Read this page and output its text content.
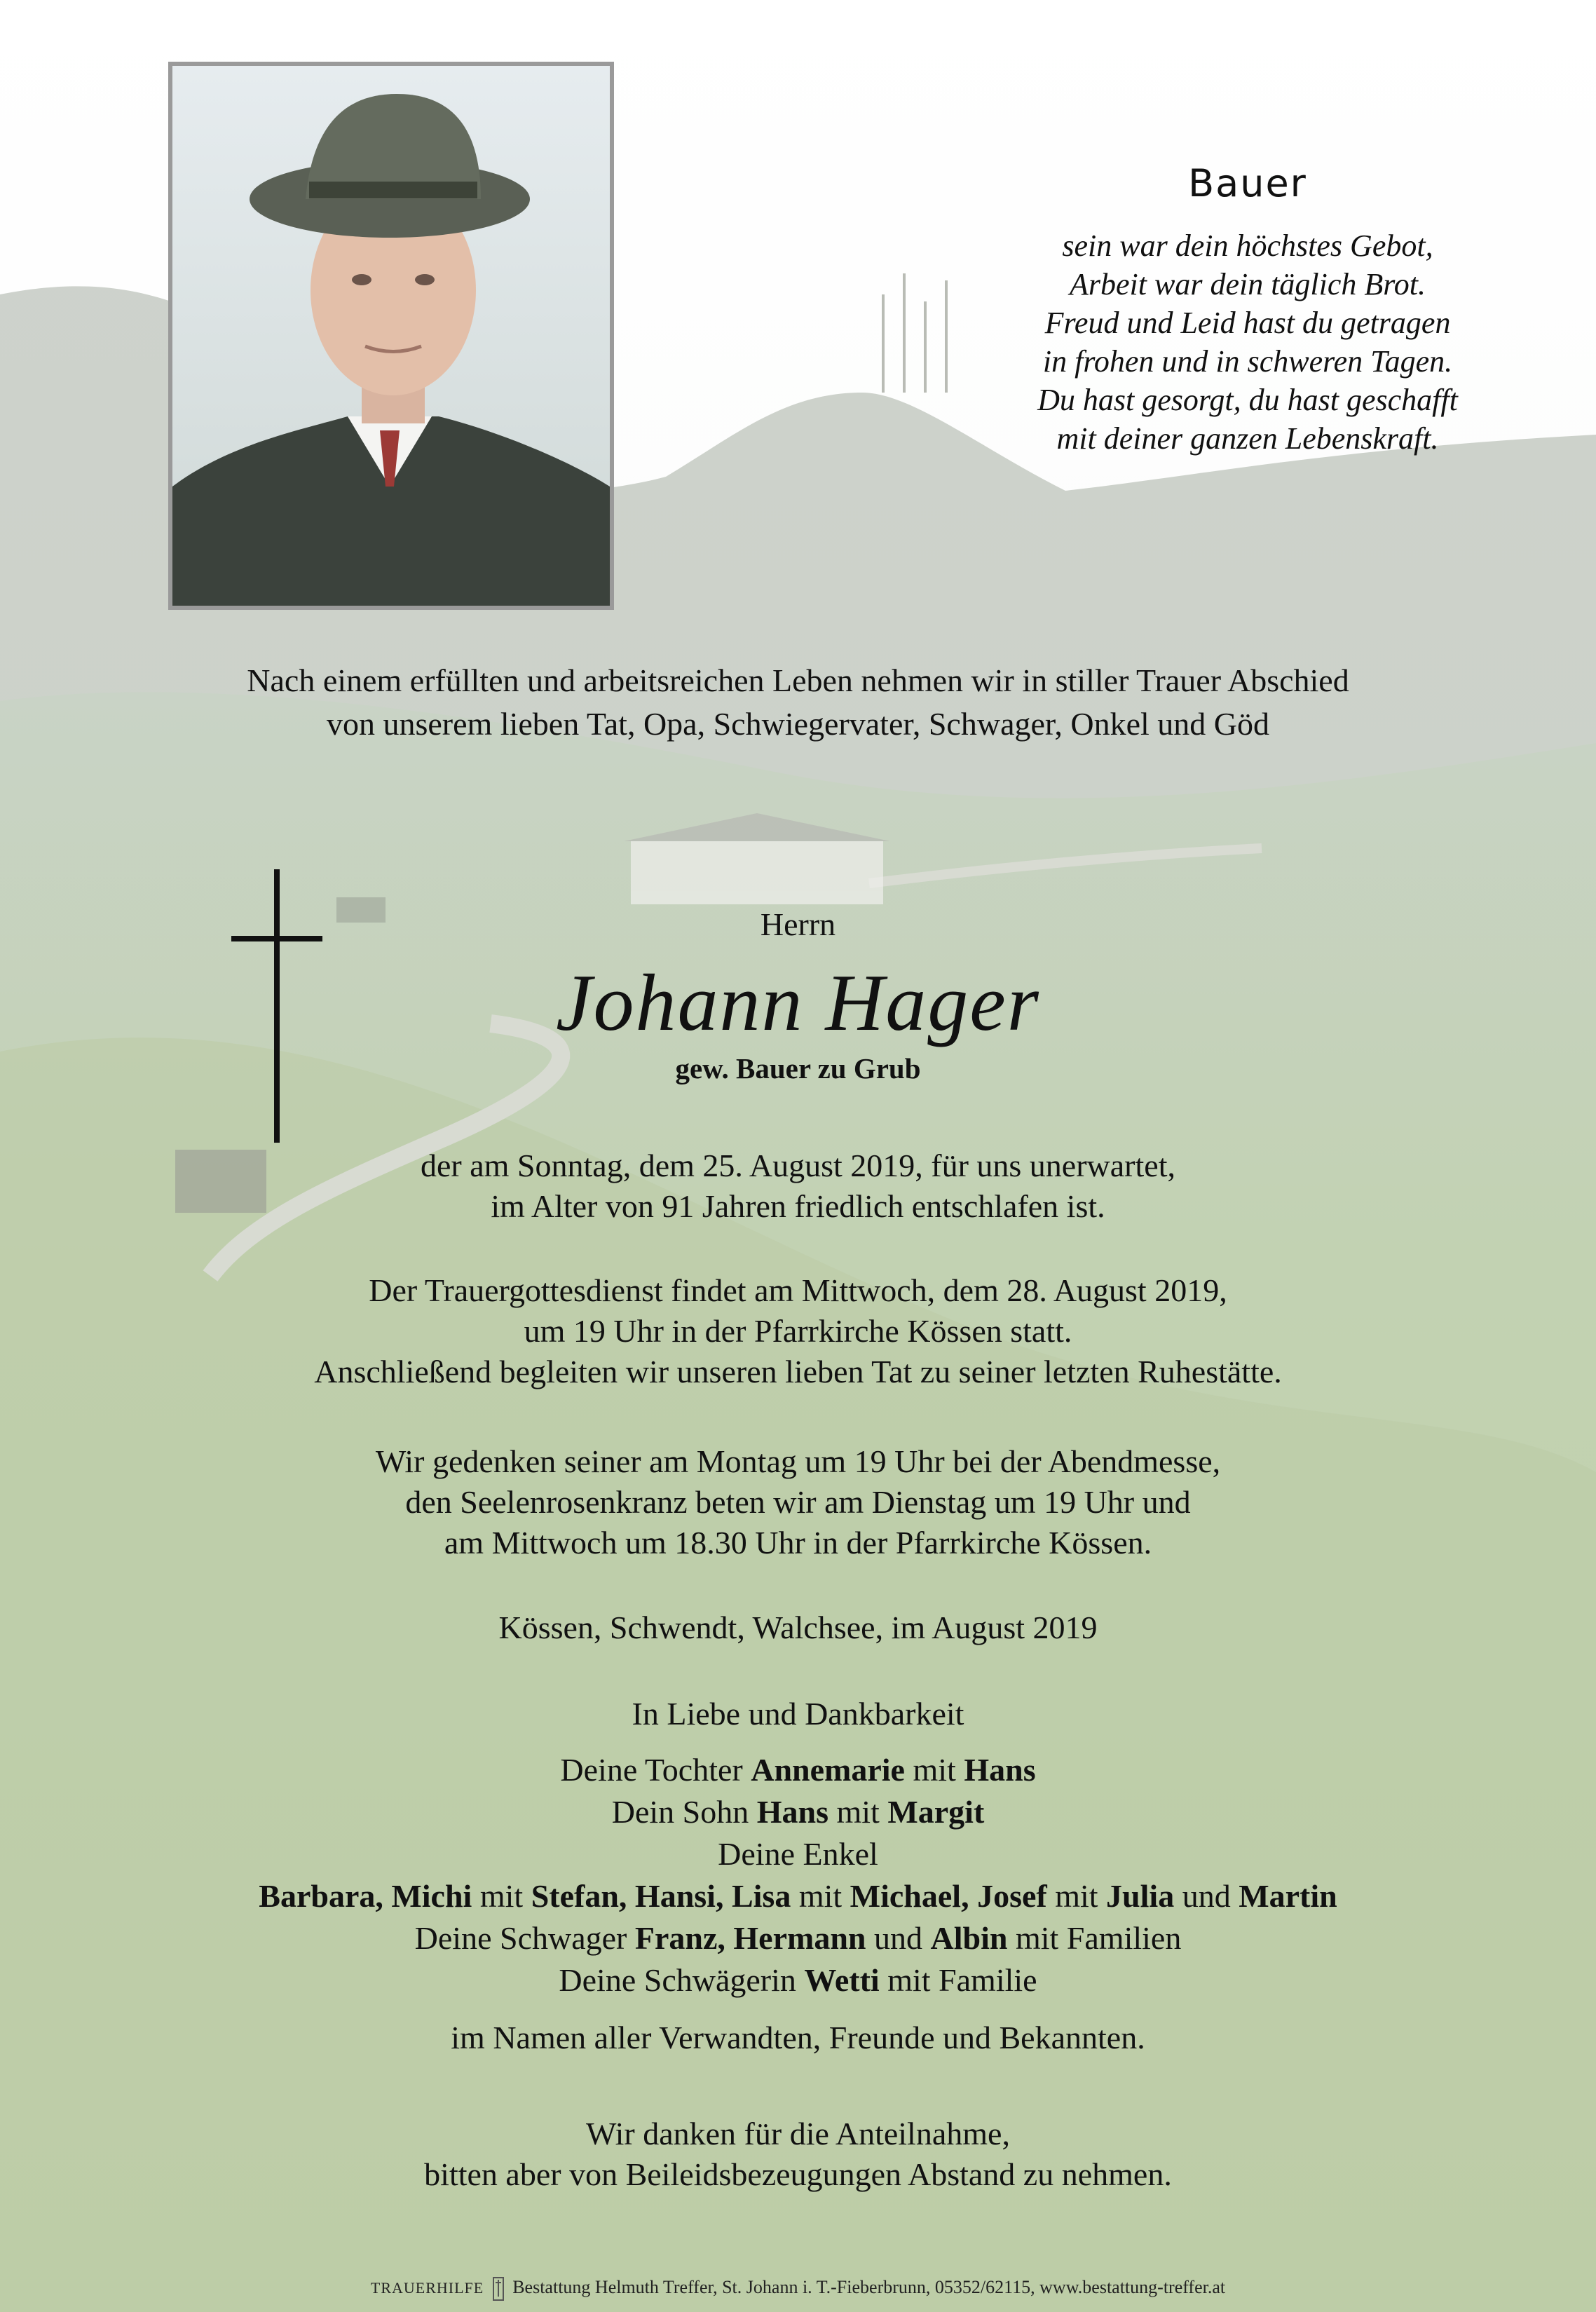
Bauer
sein war dein höchstes Gebot,
Arbeit war dein täglich Brot.
Freud und Leid hast du getragen
in frohen und in schweren Tagen.
Du hast gesorgt, du hast geschafft
mit deiner ganzen Lebenskraft.
Nach einem erfüllten und arbeitsreichen Leben nehmen wir in stiller Trauer Abschied
von unserem lieben Tat, Opa, Schwiegervater, Schwager, Onkel und Göd
Herrn
Johann Hager
gew. Bauer zu Grub
der am Sonntag, dem 25. August 2019, für uns unerwartet,
im Alter von 91 Jahren friedlich entschlafen ist.
Der Trauergottesdienst findet am Mittwoch, dem 28. August 2019,
um 19 Uhr in der Pfarrkirche Kössen statt.
Anschließend begleiten wir unseren lieben Tat zu seiner letzten Ruhestätte.
Wir gedenken seiner am Montag um 19 Uhr bei der Abendmesse,
den Seelenrosenkranz beten wir am Dienstag um 19 Uhr und
am Mittwoch um 18.30 Uhr in der Pfarrkirche Kössen.
Kössen, Schwendt, Walchsee, im August 2019
In Liebe und Dankbarkeit
Deine Tochter Annemarie mit Hans
Dein Sohn Hans mit Margit
Deine Enkel
Barbara, Michi mit Stefan, Hansi, Lisa mit Michael, Josef mit Julia und Martin
Deine Schwager Franz, Hermann und Albin mit Familien
Deine Schwägerin Wetti mit Familie
im Namen aller Verwandten, Freunde und Bekannten.
Wir danken für die Anteilnahme,
bitten aber von Beileidsbezeugungen Abstand zu nehmen.
TRAUERHILFE Bestattung Helmuth Treffer, St. Johann i. T.-Fieberbrunn, 05352/62115, www.bestattung-treffer.at
